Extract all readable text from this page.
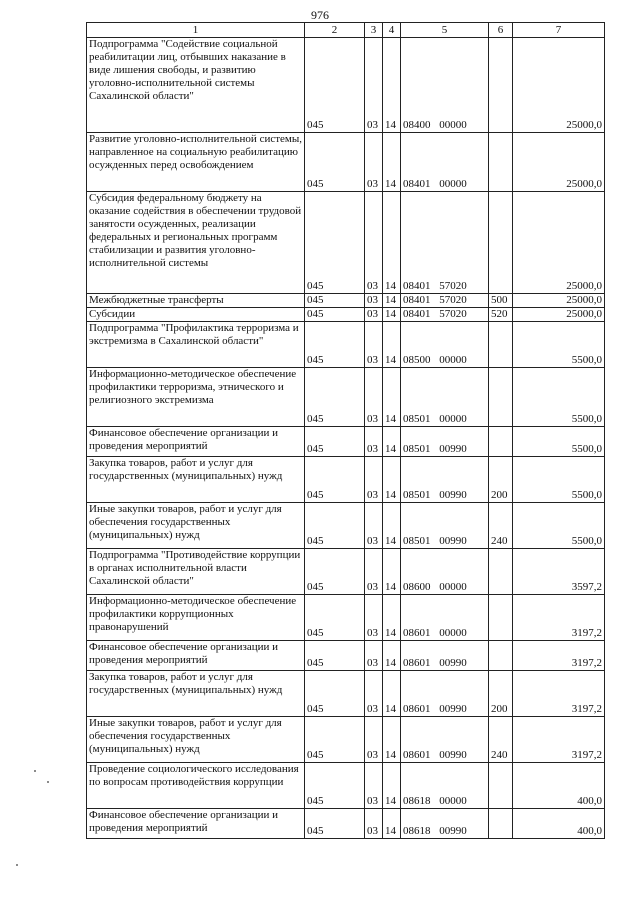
976
1	2	3	4	5	6	7
Подпрограмма "Содействие социальной реабилитации лиц, отбывших наказание в виде лишения свободы, и развитию уголовно-исполнительной системы Сахалинской области"	045	03	14	08400 00000		25000,0
Развитие уголовно-исполнительной системы, направленное на социальную реабилитацию осужденных перед освобождением	045	03	14	08401 00000		25000,0
Субсидия федеральному бюджету на оказание содействия в обеспечении трудовой занятости осужденных, реализации федеральных и региональных программ стабилизации и развития уголовно-исполнительной системы	045	03	14	08401 57020		25000,0
Межбюджетные трансферты	045	03	14	08401 57020	500	25000,0
Субсидии	045	03	14	08401 57020	520	25000,0
Подпрограмма "Профилактика терроризма и экстремизма в Сахалинской области"	045	03	14	08500 00000		5500,0
Информационно-методическое обеспечение профилактики терроризма, этнического и религиозного экстремизма	045	03	14	08501 00000		5500,0
Финансовое обеспечение организации и проведения мероприятий	045	03	14	08501 00990		5500,0
Закупка товаров, работ и услуг для государственных (муниципальных) нужд	045	03	14	08501 00990	200	5500,0
Иные закупки товаров, работ и услуг для обеспечения государственных (муниципальных) нужд	045	03	14	08501 00990	240	5500,0
Подпрограмма "Противодействие коррупции в органах исполнительной власти Сахалинской области"	045	03	14	08600 00000		3597,2
Информационно-методическое обеспечение профилактики коррупционных правонарушений	045	03	14	08601 00000		3197,2
Финансовое обеспечение организации и проведения мероприятий	045	03	14	08601 00990		3197,2
Закупка товаров, работ и услуг для государственных (муниципальных) нужд	045	03	14	08601 00990	200	3197,2
Иные закупки товаров, работ и услуг для обеспечения государственных (муниципальных) нужд	045	03	14	08601 00990	240	3197,2
Проведение социологического исследования по вопросам противодействия коррупции	045	03	14	08618 00000		400,0
Финансовое обеспечение организации и проведения мероприятий	045	03	14	08618 00990		400,0
